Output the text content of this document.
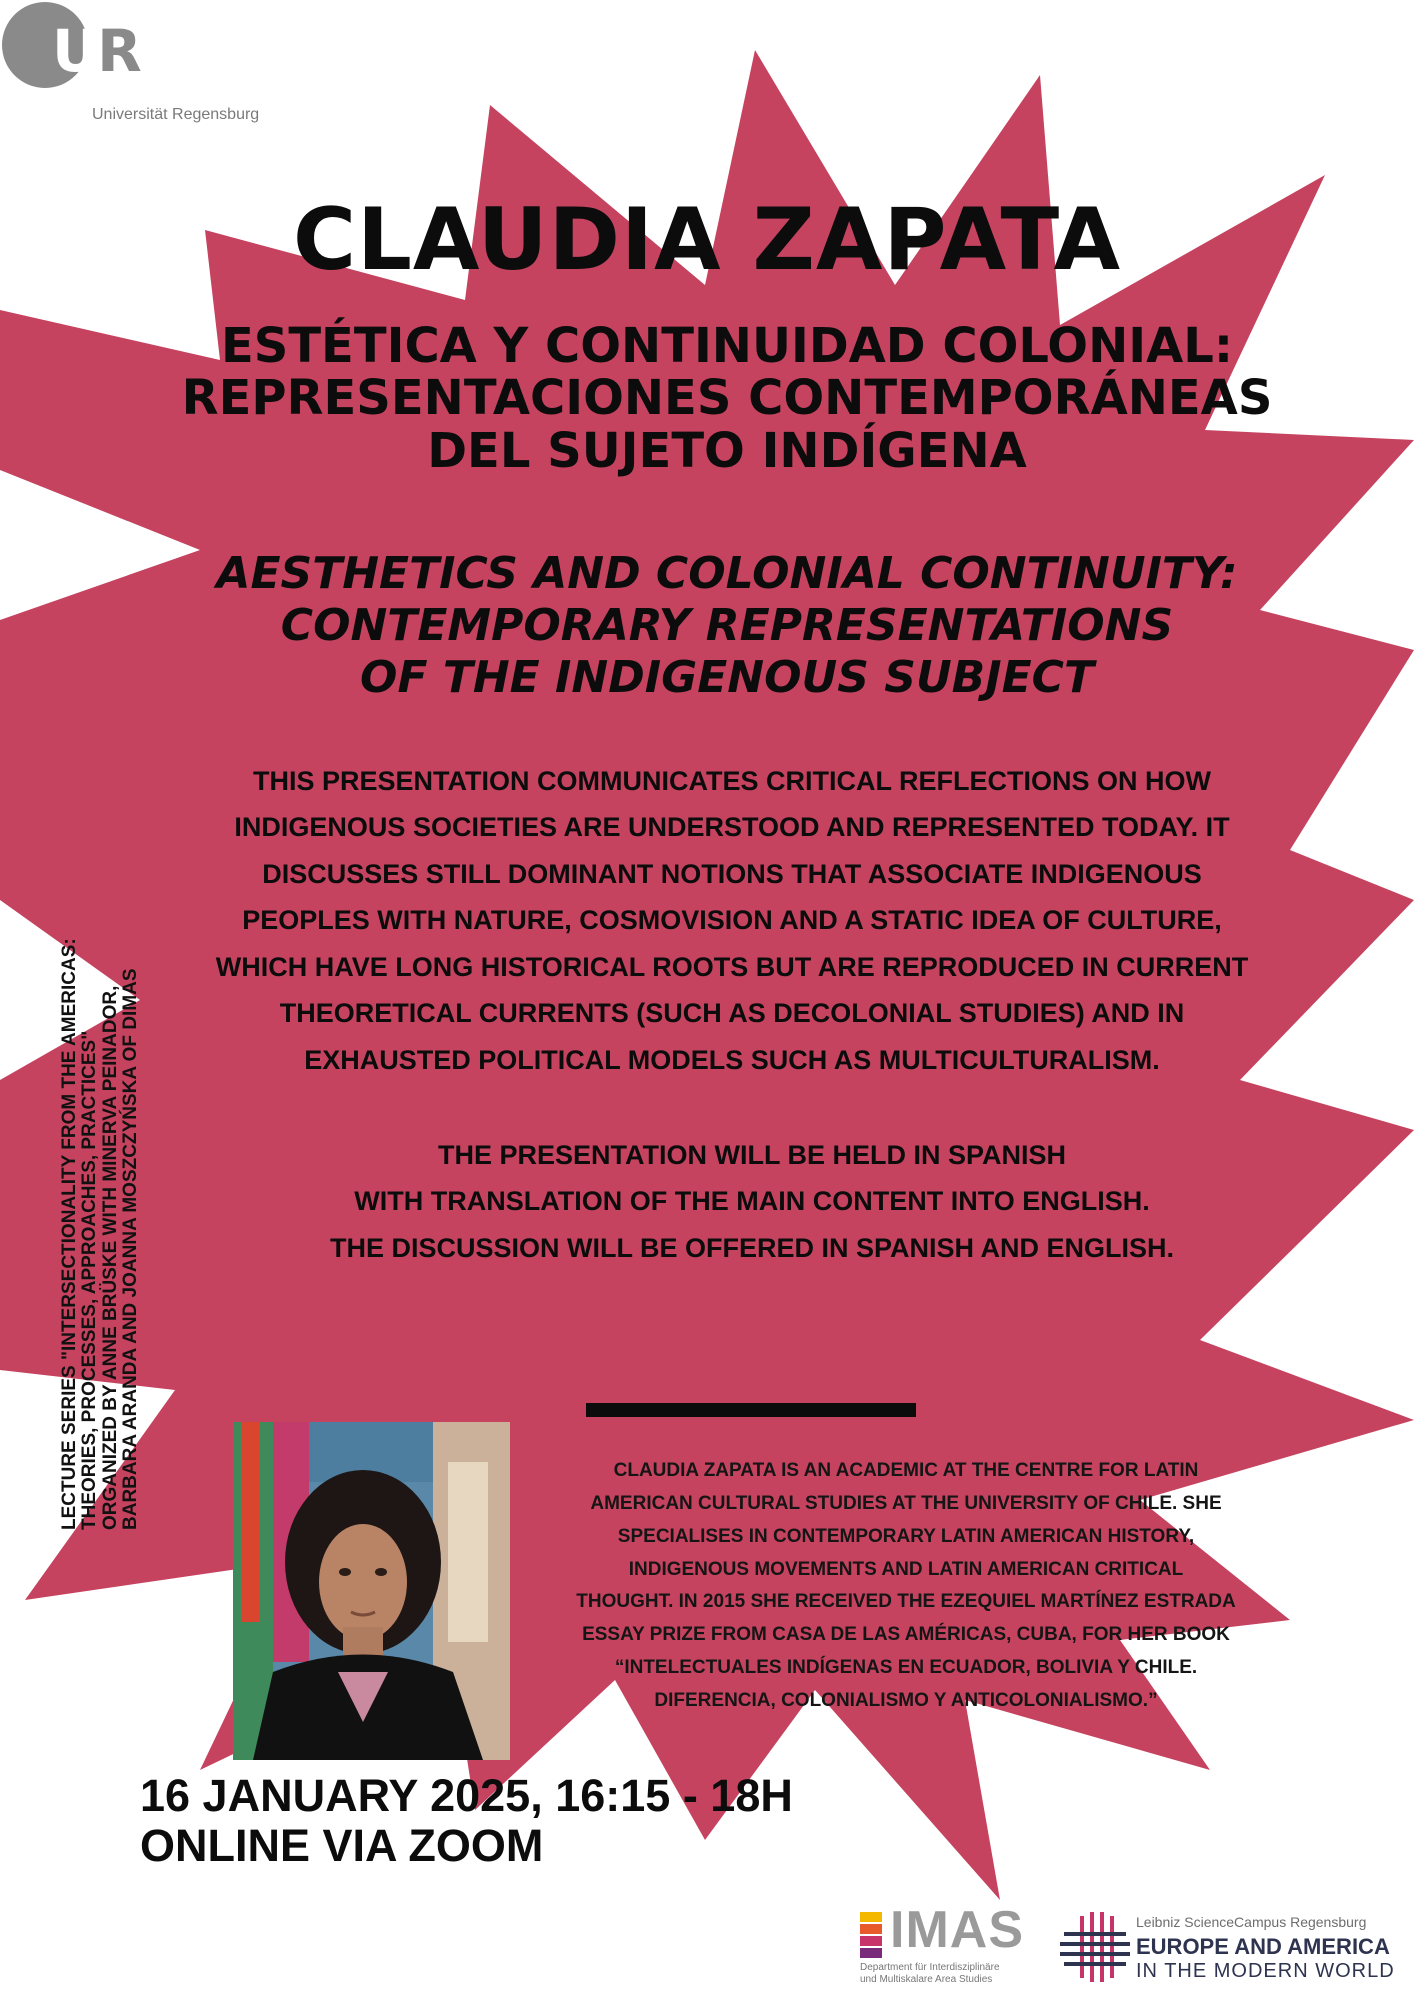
UR
Universität Regensburg
CLAUDIA ZAPATA
ESTÉTICA Y CONTINUIDAD COLONIAL:
REPRESENTACIONES CONTEMPORÁNEAS
DEL SUJETO INDÍGENA
AESTHETICS AND COLONIAL CONTINUITY:
CONTEMPORARY REPRESENTATIONS
OF THE INDIGENOUS SUBJECT
THIS PRESENTATION COMMUNICATES CRITICAL REFLECTIONS ON HOW
INDIGENOUS SOCIETIES ARE UNDERSTOOD AND REPRESENTED TODAY. IT
DISCUSSES STILL DOMINANT NOTIONS THAT ASSOCIATE INDIGENOUS
PEOPLES WITH NATURE, COSMOVISION AND A STATIC IDEA OF CULTURE,
WHICH HAVE LONG HISTORICAL ROOTS BUT ARE REPRODUCED IN CURRENT
THEORETICAL CURRENTS (SUCH AS DECOLONIAL STUDIES) AND IN
EXHAUSTED POLITICAL MODELS SUCH AS MULTICULTURALISM.
THE PRESENTATION WILL BE HELD IN SPANISH
WITH TRANSLATION OF THE MAIN CONTENT INTO ENGLISH.
THE DISCUSSION WILL BE OFFERED IN SPANISH AND ENGLISH.
LECTURE SERIES "INTERSECTIONALITY FROM THE AMERICAS: THEORIES, PROCESSES, APPROACHES, PRACTICES" ORGANIZED BY ANNE BRÜSKE WITH MINERVA PEINADOR, BARBARA ARANDA AND JOANNA MOSZCZYŃSKA OF DIMAS	CLAUDIA ZAPATA IS AN ACADEMIC AT THE CENTRE FOR LATIN
AMERICAN CULTURAL STUDIES AT THE UNIVERSITY OF CHILE. SHE
SPECIALISES IN CONTEMPORARY LATIN AMERICAN HISTORY,
INDIGENOUS MOVEMENTS AND LATIN AMERICAN CRITICAL
THOUGHT. IN 2015 SHE RECEIVED THE EZEQUIEL MARTÍNEZ ESTRADA
ESSAY PRIZE FROM CASA DE LAS AMÉRICAS, CUBA, FOR HER BOOK
“INTELECTUALES INDÍGENAS EN ECUADOR, BOLIVIA Y CHILE.
DIFERENCIA, COLONIALISMO Y ANTICOLONIALISMO.”
16 JANUARY 2025, 16:15 - 18H
ONLINE VIA ZOOM
IMAS
Department für Interdisziplinäre
und Multiskalare Area Studies
Leibniz ScienceCampus Regensburg
EUROPE AND AMERICA
IN THE MODERN WORLD
